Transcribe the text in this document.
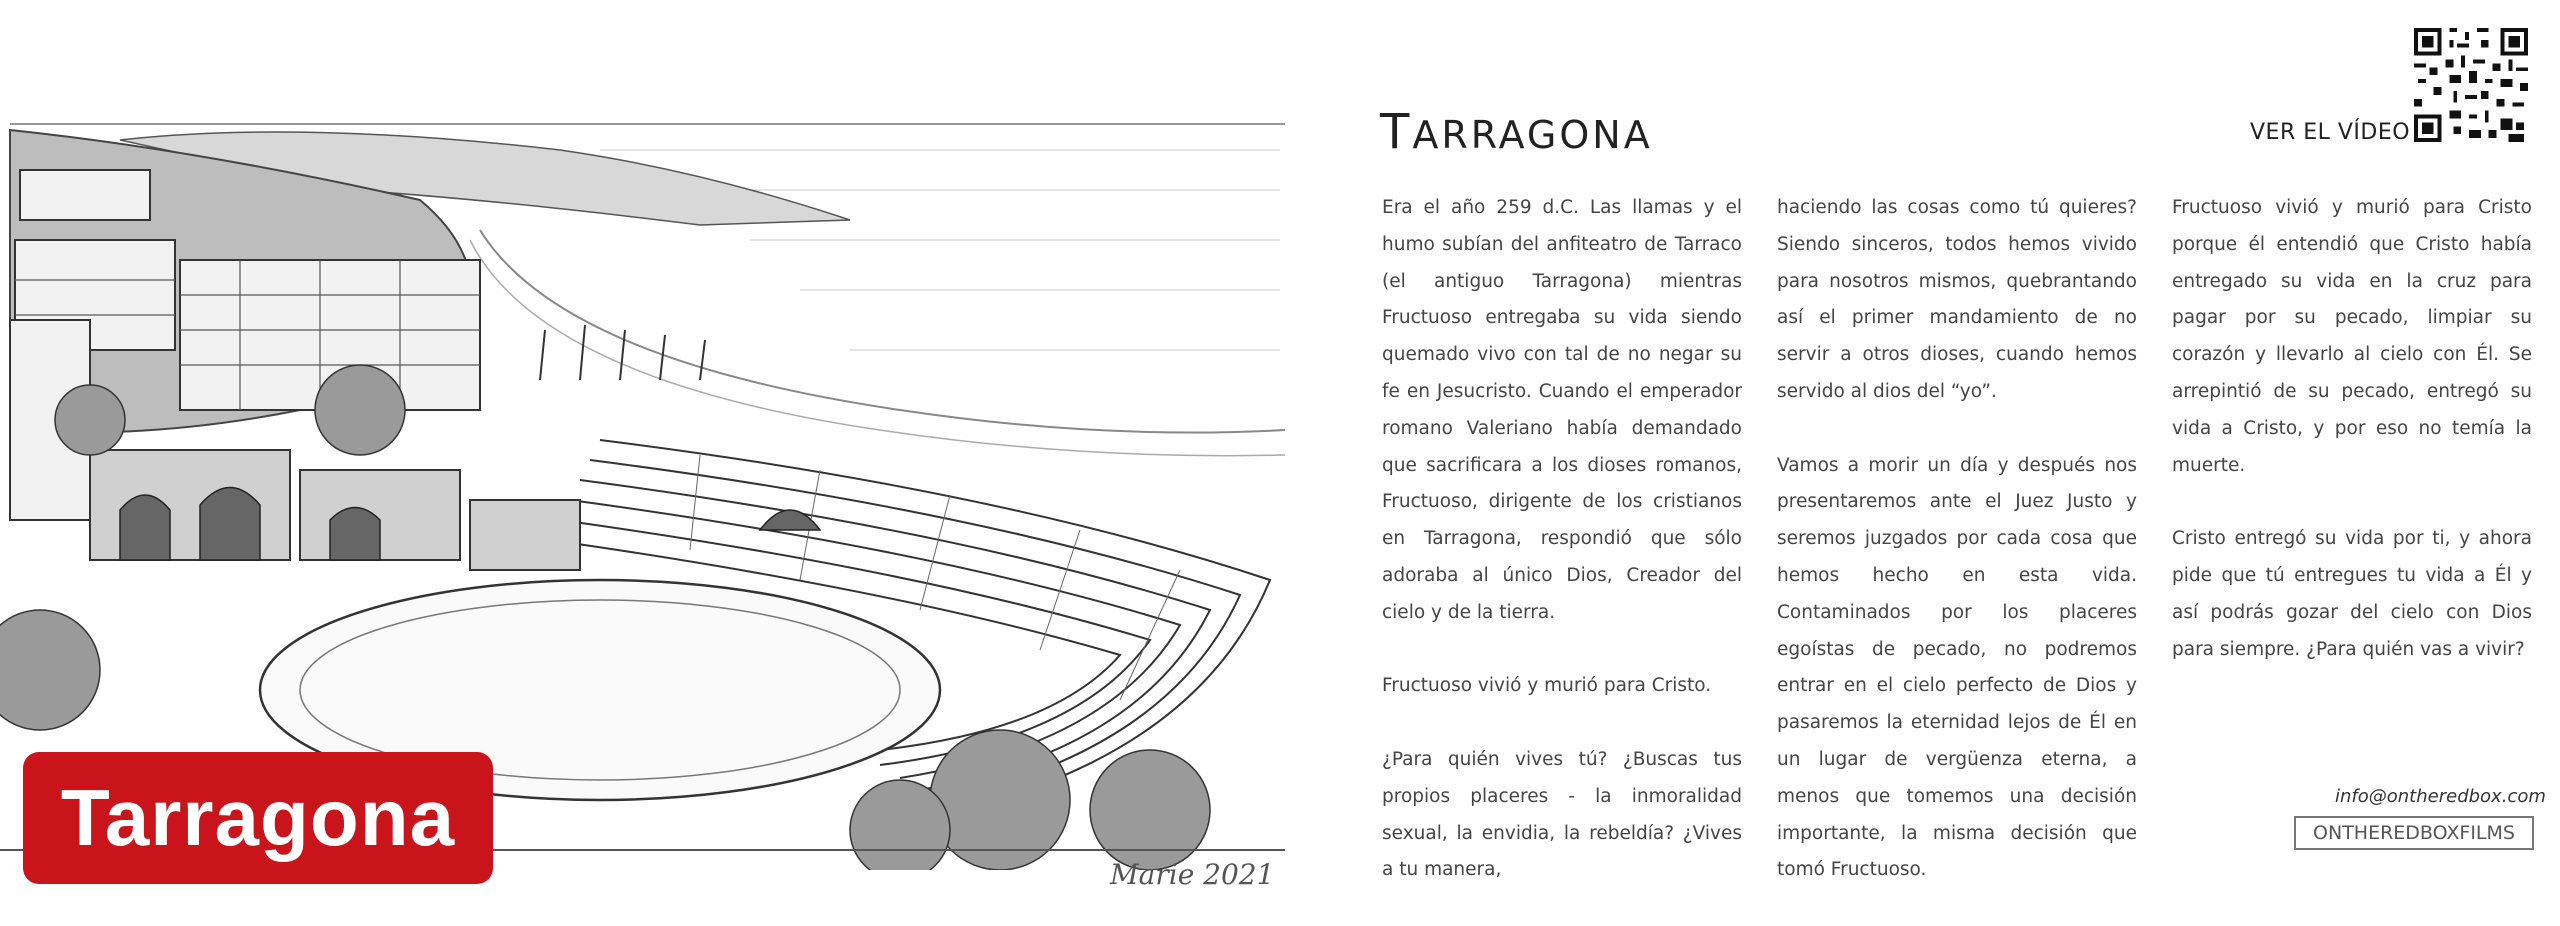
Tarragona
Marie 2021
TARRAGONA	VER EL VÍDEO

Era el año 259 d.C. Las llamas y el humo subían del anfiteatro de Tarraco (el antiguo Tarragona) mientras Fructuoso entregaba su vida siendo quemado vivo con tal de no negar su fe en Jesucristo. Cuando el emperador romano Valeriano había demandado que sacrificara a los dioses romanos, Fructuoso, dirigente de los cristianos en Tarragona, respondió que sólo adoraba al único Dios, Creador del cielo y de la tierra.

Fructuoso vivió y murió para Cristo.

¿Para quién vives tú? ¿Buscas tus propios placeres - la inmoralidad sexual, la envidia, la rebeldía? ¿Vives a tu manera,

haciendo las cosas como tú quieres? Siendo sinceros, todos hemos vivido para nosotros mismos, quebrantando así el primer mandamiento de no servir a otros dioses, cuando hemos servido al dios del “yo”.

Vamos a morir un día y después nos presentaremos ante el Juez Justo y seremos juzgados por cada cosa que hemos hecho en esta vida. Contaminados por los placeres egoístas de pecado, no podremos entrar en el cielo perfecto de Dios y pasaremos la eternidad lejos de Él en un lugar de vergüenza eterna, a menos que tomemos una decisión importante, la misma decisión que tomó Fructuoso.

Fructuoso vivió y murió para Cristo porque él entendió que Cristo había entregado su vida en la cruz para pagar por su pecado, limpiar su corazón y llevarlo al cielo con Él. Se arrepintió de su pecado, entregó su vida a Cristo, y por eso no temía la muerte.

Cristo entregó su vida por ti, y ahora pide que tú entregues tu vida a Él y así podrás gozar del cielo con Dios para siempre. ¿Para quién vas a vivir?

info@ontheredbox.com
ONTHEREDBOXFILMS
